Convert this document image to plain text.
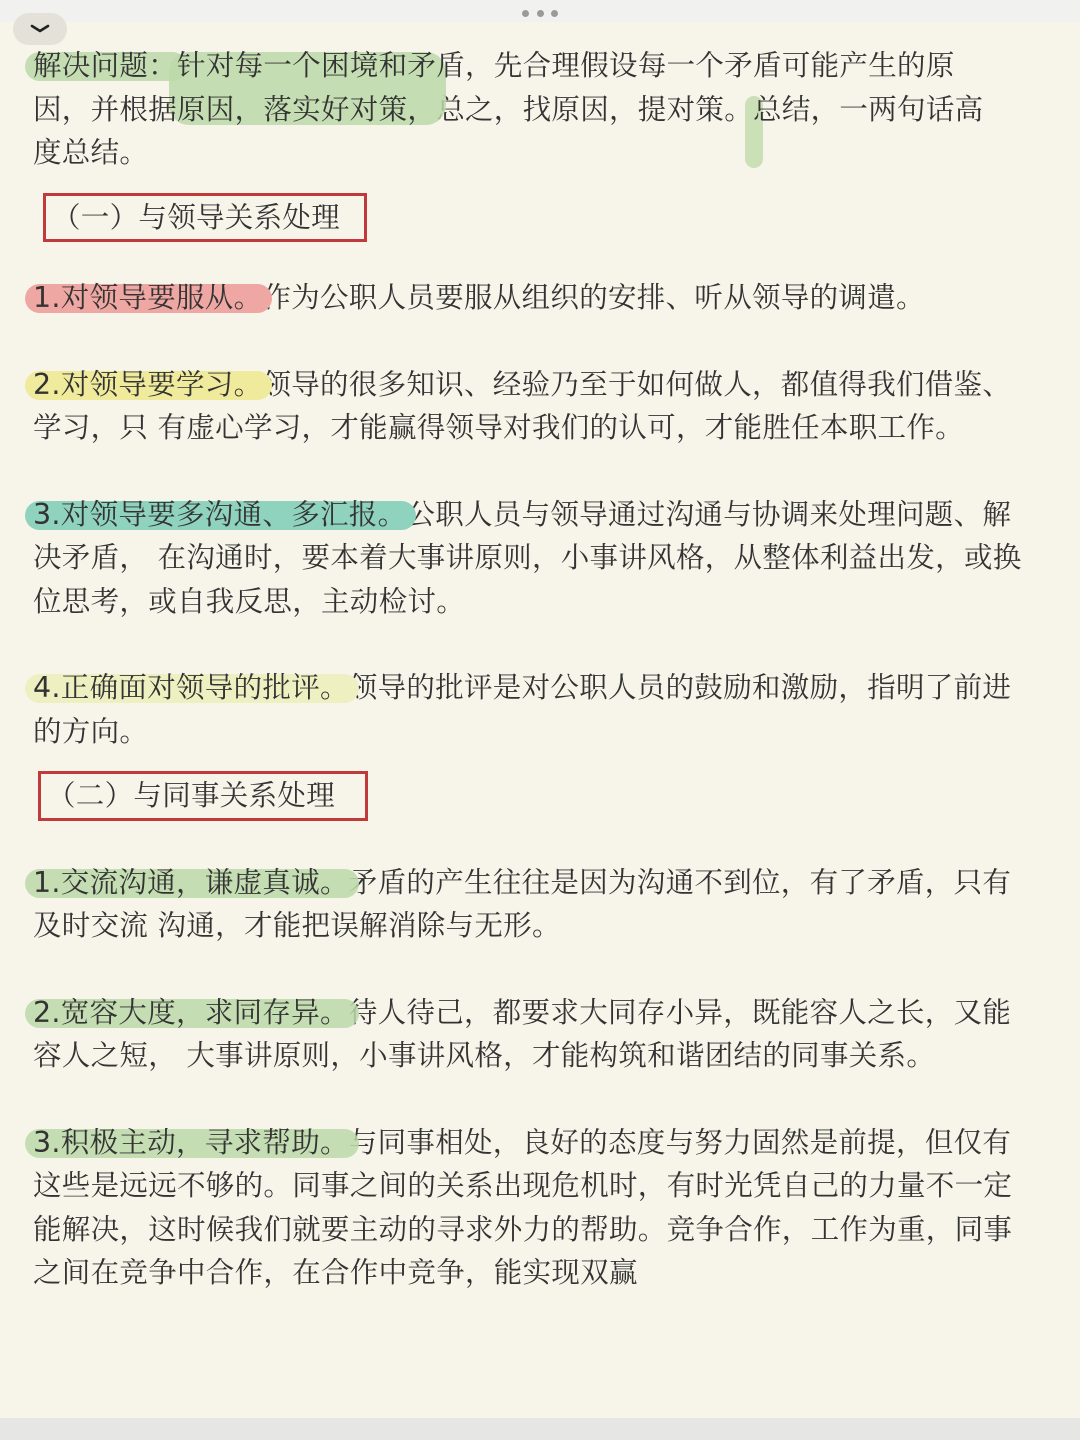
解决问题：针对每一个困境和矛盾，先合理假设每一个矛盾可能产生的原因，并根据原因，落实好对策，总之，找原因，提对策。总结，一两句话高度总结。

（一）与领导关系处理

1.对领导要服从。作为公职人员要服从组织的安排、听从领导的调遣。

2.对领导要学习。领导的很多知识、经验乃至于如何做人，都值得我们借鉴、学习，只 有虚心学习，才能赢得领导对我们的认可，才能胜任本职工作。

3.对领导要多沟通、多汇报。公职人员与领导通过沟通与协调来处理问题、解决矛盾， 在沟通时，要本着大事讲原则，小事讲风格，从整体利益出发，或换位思考，或自我反思，主动检讨。

4.正确面对领导的批评。领导的批评是对公职人员的鼓励和激励，指明了前进的方向。

（二）与同事关系处理

1.交流沟通，谦虚真诚。矛盾的产生往往是因为沟通不到位，有了矛盾，只有及时交流 沟通，才能把误解消除与无形。

2.宽容大度，求同存异。待人待己，都要求大同存小异，既能容人之长，又能容人之短， 大事讲原则，小事讲风格，才能构筑和谐团结的同事关系。

3.积极主动，寻求帮助。与同事相处，良好的态度与努力固然是前提，但仅有这些是远远不够的。同事之间的关系出现危机时，有时光凭自己的力量不一定能解决，这时候我们就要主动的寻求外力的帮助。竞争合作，工作为重，同事之间在竞争中合作，在合作中竞争，能实现双赢
